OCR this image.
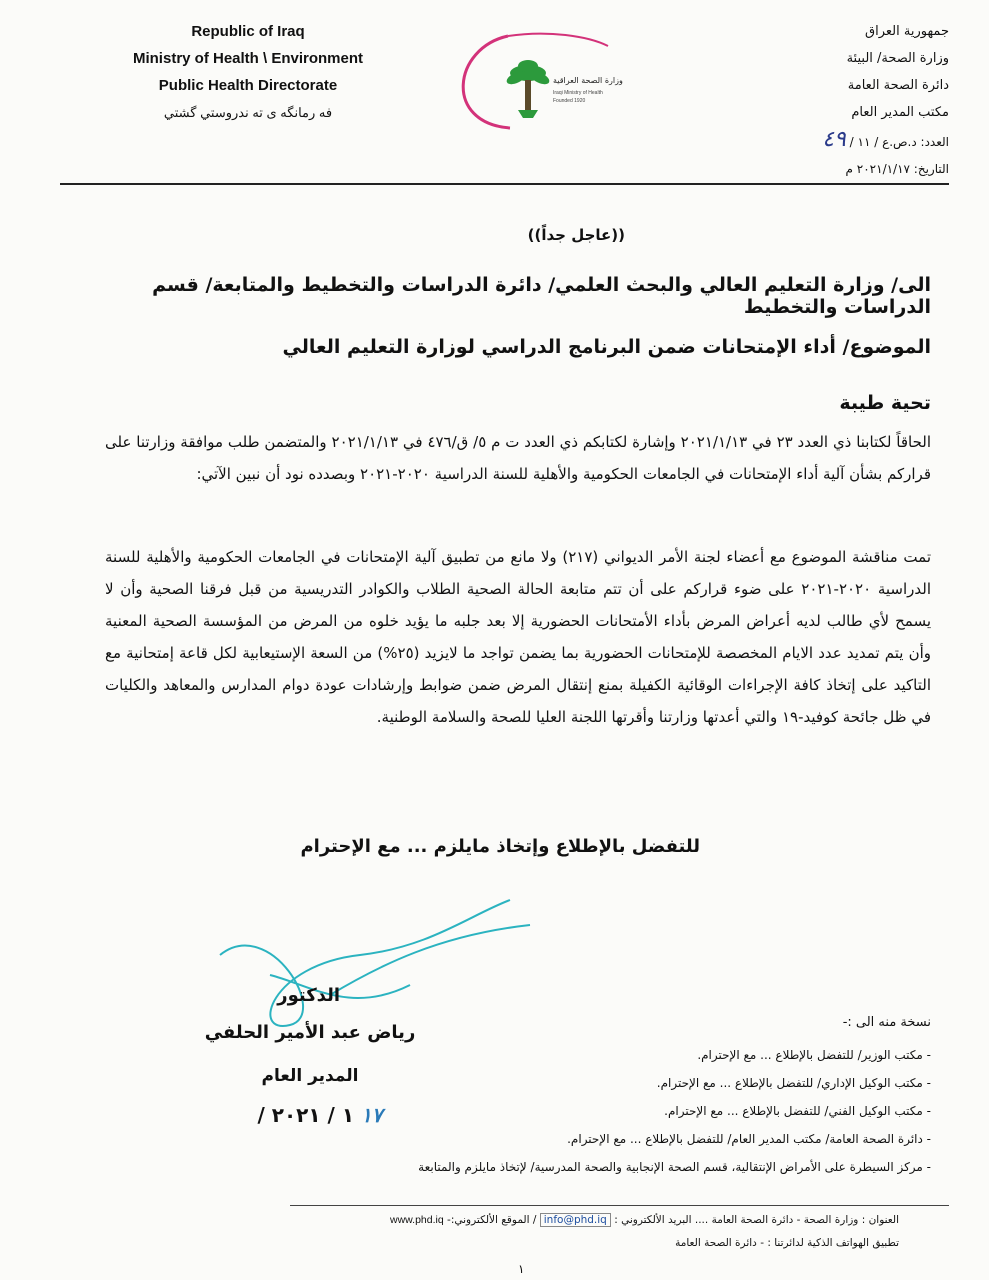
Republic of Iraq
Ministry of Health \ Environment
Public Health Directorate
فه رمانگه ی ته ندروستي گشتي
وزارة الصحة العراقية
Iraqi Ministry of Health
Founded 1920
جمهورية العراق
وزارة الصحة/ البيئة
دائرة الصحة العامة
مكتب المدير العام
العدد: د.ص.ع / ١١ / ٤٩
التاريخ: ٢٠٢١/١/١٧ م
((عاجل جداً))
الى/ وزارة التعليم العالي والبحث العلمي/ دائرة الدراسات والتخطيط والمتابعة/ قسم الدراسات والتخطيط
الموضوع/ أداء الإمتحانات ضمن البرنامج الدراسي لوزارة التعليم العالي
تحية طيبة
الحاقاً لكتابنا ذي العدد ٢٣ في ٢٠٢١/١/١٣ وإشارة لكتابكم ذي العدد ت م ٥/ ق/٤٧٦ في ٢٠٢١/١/١٣ والمتضمن طلب موافقة وزارتنا على قراركم بشأن آلية أداء الإمتحانات في الجامعات الحكومية والأهلية للسنة الدراسية ٢٠٢٠-٢٠٢١ وبصدده نود أن نبين الآتي:
تمت مناقشة الموضوع مع أعضاء لجنة الأمر الديواني (٢١٧) ولا مانع من تطبيق آلية الإمتحانات في الجامعات الحكومية والأهلية للسنة الدراسية ٢٠٢٠-٢٠٢١ على ضوء قراركم على أن تتم متابعة الحالة الصحية الطلاب والكوادر التدريسية من قبل فرقنا الصحية وأن لا يسمح لأي طالب لديه أعراض المرض بأداء الأمتحانات الحضورية إلا بعد جلبه ما يؤيد خلوه من المرض من المؤسسة الصحية المعنية وأن يتم تمديد عدد الايام المخصصة للإمتحانات الحضورية بما يضمن تواجد ما لايزيد (٢٥%) من السعة الإستيعابية لكل قاعة إمتحانية مع التاكيد على إتخاذ كافة الإجراءات الوقائية الكفيلة بمنع إنتقال المرض ضمن ضوابط وإرشادات عودة دوام المدارس والمعاهد والكليات في ظل جائحة كوفيد-١٩ والتي أعدتها وزارتنا وأقرتها اللجنة العليا للصحة والسلامة الوطنية.
للتفضل بالإطلاع وإتخاذ مايلزم ... مع الإحترام
الدكتور
رياض عبد الأمير الحلفي
المدير العام
١٧ ١ / ٢٠٢١ /
نسخة منه الى :-
- مكتب الوزير/ للتفضل بالإطلاع ... مع الإحترام.
- مكتب الوكيل الإداري/ للتفضل بالإطلاع ... مع الإحترام.
- مكتب الوكيل الفني/ للتفضل بالإطلاع ... مع الإحترام.
- دائرة الصحة العامة/ مكتب المدير العام/ للتفضل بالإطلاع ... مع الإحترام.
- مركز السيطرة على الأمراض الإنتقالية، قسم الصحة الإنجابية والصحة المدرسية/ لإتخاذ مايلزم والمتابعة
العنوان : وزارة الصحة - دائرة الصحة العامة .... البريد الألكتروني : info@phd.iq / الموقع الألكتروني:- www.phd.iq
تطبيق الهواتف الذكية لدائرتنا : - دائرة الصحة العامة
١
